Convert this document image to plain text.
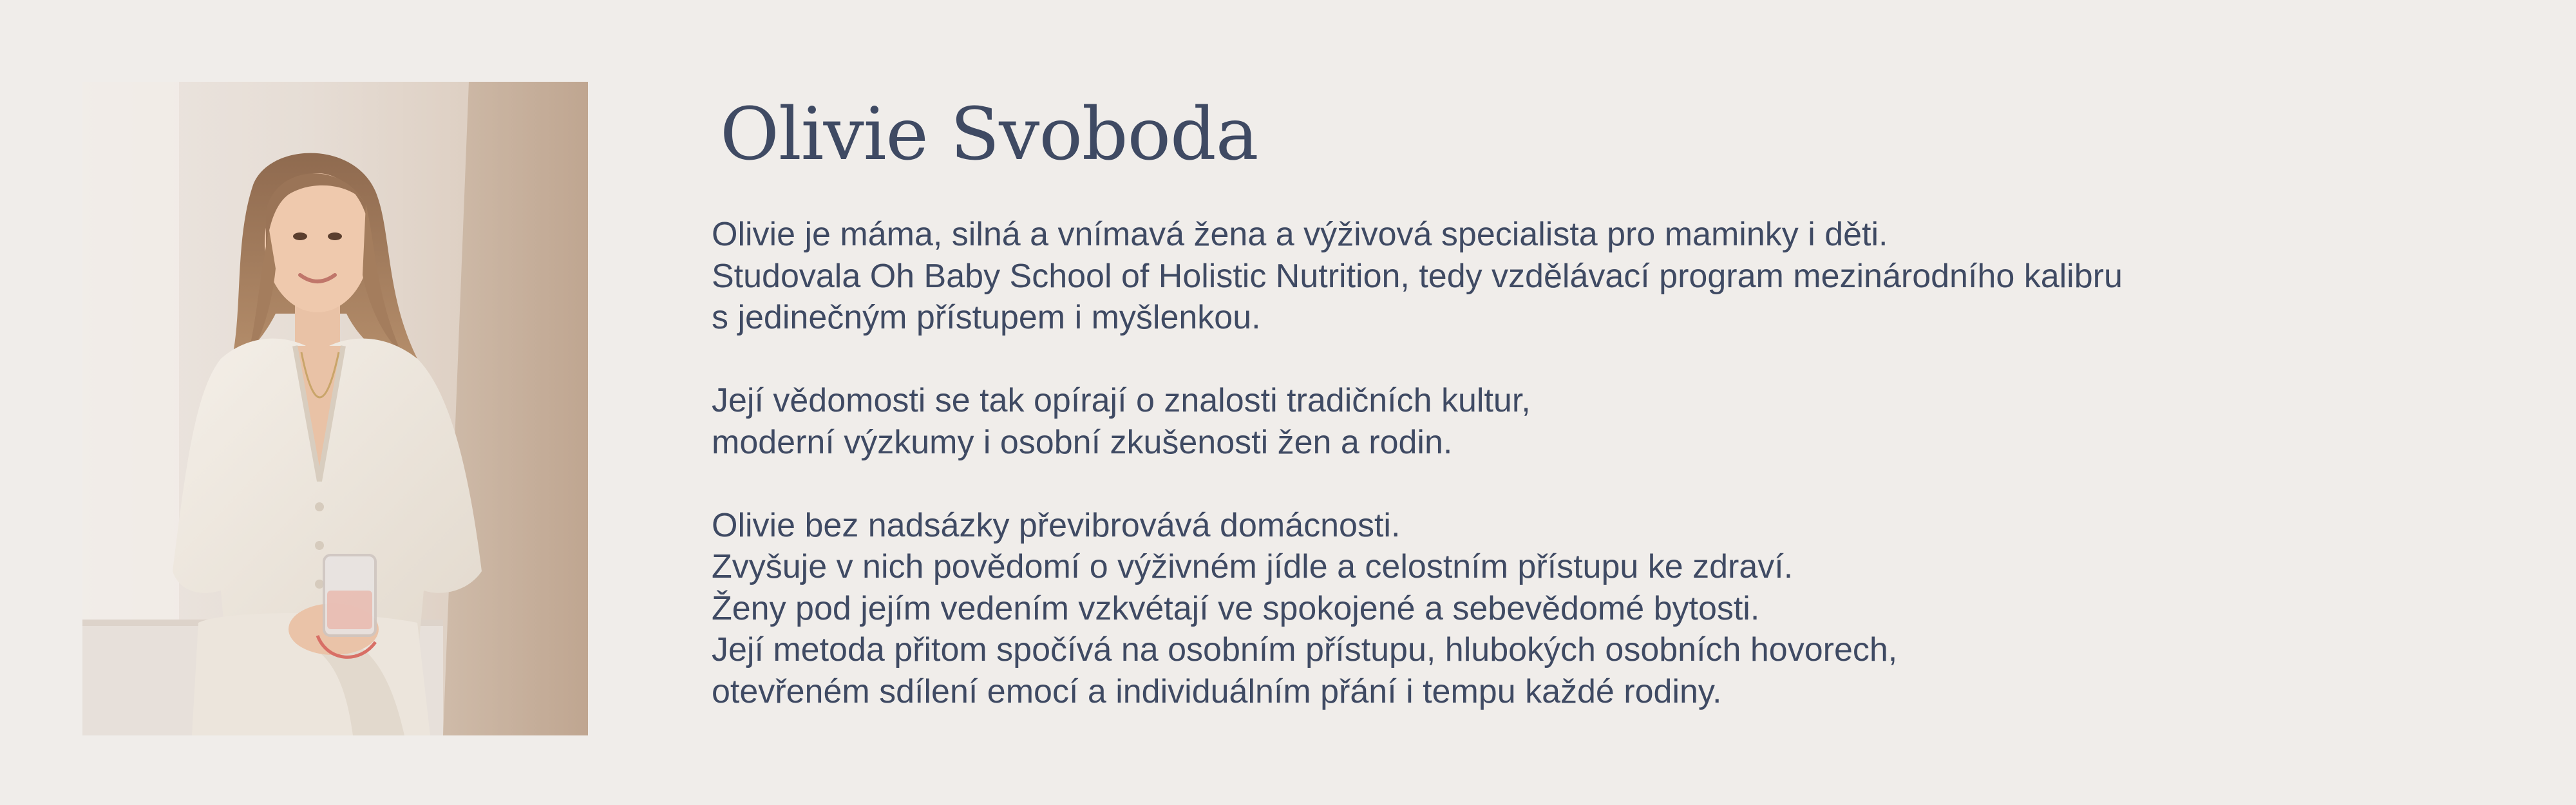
Olivie Svoboda

Olivie je máma, silná a vnímavá žena a výživová specialista pro maminky i děti.
Studovala Oh Baby School of Holistic Nutrition, tedy vzdělávací program mezinárodního kalibru
s jedinečným přístupem i myšlenkou.

Její vědomosti se tak opírají o znalosti tradičních kultur,
moderní výzkumy i osobní zkušenosti žen a rodin.

Olivie bez nadsázky převibrovává domácnosti.
Zvyšuje v nich povědomí o výživném jídle a celostním přístupu ke zdraví.
Ženy pod jejím vedením vzkvétají ve spokojené a sebevědomé bytosti.
Její metoda přitom spočívá na osobním přístupu, hlubokých osobních hovorech,
otevřeném sdílení emocí a individuálním přání i tempu každé rodiny.
